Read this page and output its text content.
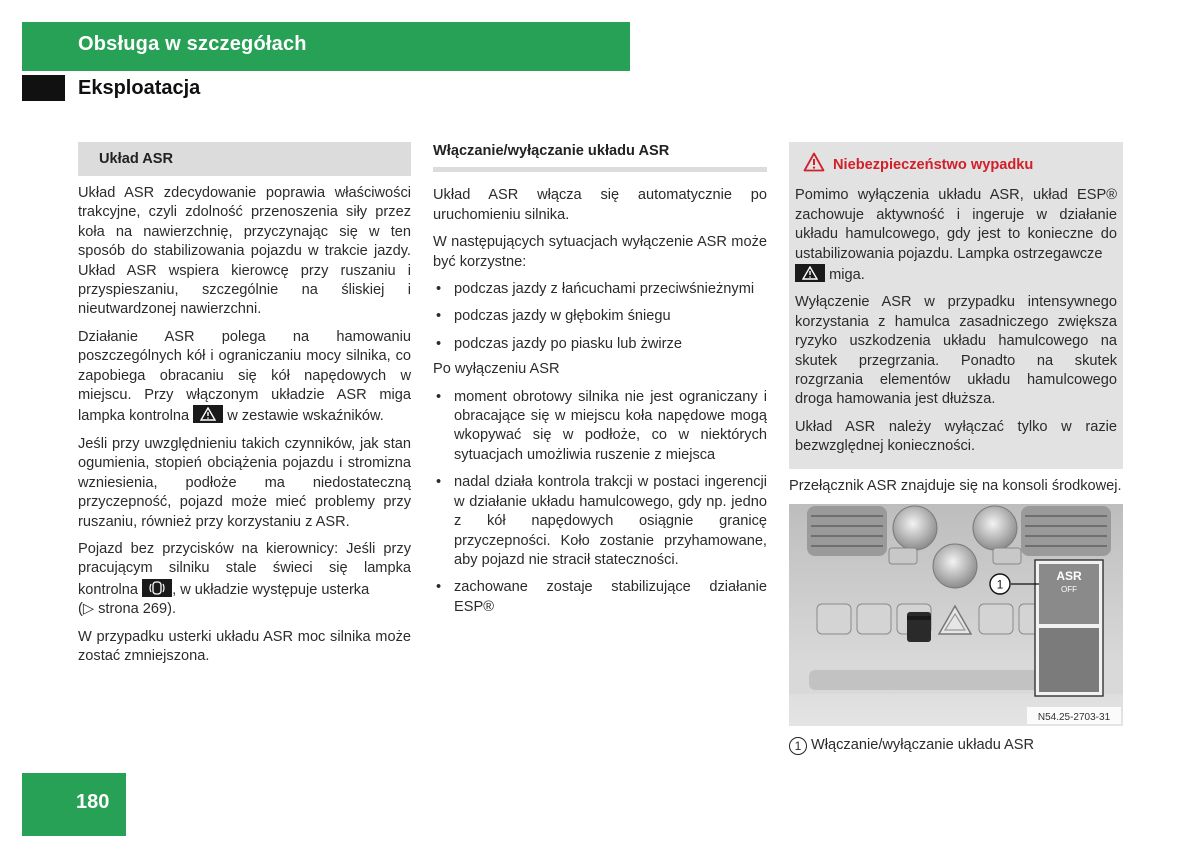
Obsługa w szczegółach
Eksploatacja
Układ ASR

Układ ASR zdecydowanie poprawia właściwości trakcyjne, czyli zdolność przenoszenia siły przez koła na nawierzchnię, przyczynając się w ten sposób do stabilizowania pojazdu w trakcie jazdy. Układ ASR wspiera kierowcę przy ruszaniu i przyspieszaniu, szczególnie na śliskiej i nieutwardzonej nawierzchni.

Działanie ASR polega na hamowaniu poszczególnych kół i ograniczaniu mocy silnika, co zapobiega obracaniu się kół napędowych w miejscu. Przy włączonym układzie ASR miga lampka kontrolna	w zestawie wskaźników.

Jeśli przy uwzględnieniu takich czynników, jak stan ogumienia, stopień obciążenia pojazdu i stromizna wzniesienia, podłoże ma niedostateczną przyczepność, pojazd może mieć problemy przy ruszaniu, również przy korzystaniu z ASR.

Pojazd bez przycisków na kierownicy: Jeśli przy pracującym silniku stale świeci się lampka kontrolna , w układzie występuje usterka
(▷ strona 269).

W przypadku usterki układu ASR moc silnika może zostać zmniejszona.

Włączanie/wyłączanie układu ASR

Układ ASR włącza się automatycznie po uruchomieniu silnika.

W następujących sytuacjach wyłączenie ASR może być korzystne:

• podczas jazdy z łańcuchami przeciwśnieżnymi
• podczas jazdy w głębokim śniegu
• podczas jazdy po piasku lub żwirze

Po wyłączeniu ASR

• moment obrotowy silnika nie jest ograniczany i obracające się w miejscu koła napędowe mogą wkopywać się w podłoże, co w niektórych sytuacjach umożliwia ruszenie z miejsca
• nadal działa kontrola trakcji w postaci ingerencji w działanie układu hamulcowego, gdy np. jedno z kół napędowych osiągnie granicę przyczepności. Koło zostanie przyhamowane, aby pojazd nie stracił stateczności.
• zachowane zostaje stabilizujące działanie ESP®
Niebezpieczeństwo wypadku

Pomimo wyłączenia układu ASR, układ ESP® zachowuje aktywność i ingeruje w działanie układu hamulcowego, gdy jest to konieczne do ustabilizowania pojazdu. Lampka ostrzegawcze

miga.

Wyłączenie ASR w przypadku intensywnego korzystania z hamulca zasadniczego zwiększa ryzyko uszkodzenia układu hamulcowego na skutek przegrzania. Ponadto na skutek rozgrzania elementów układu hamulcowego droga hamowania jest dłuższa.

Układ ASR należy wyłączać tylko w razie bezwzględnej konieczności.

Przełącznik ASR znajduje się na konsoli środkowej.

ASR
OFF
1
N54.25-2703-31
1 Włączanie/wyłączanie układu ASR
180
